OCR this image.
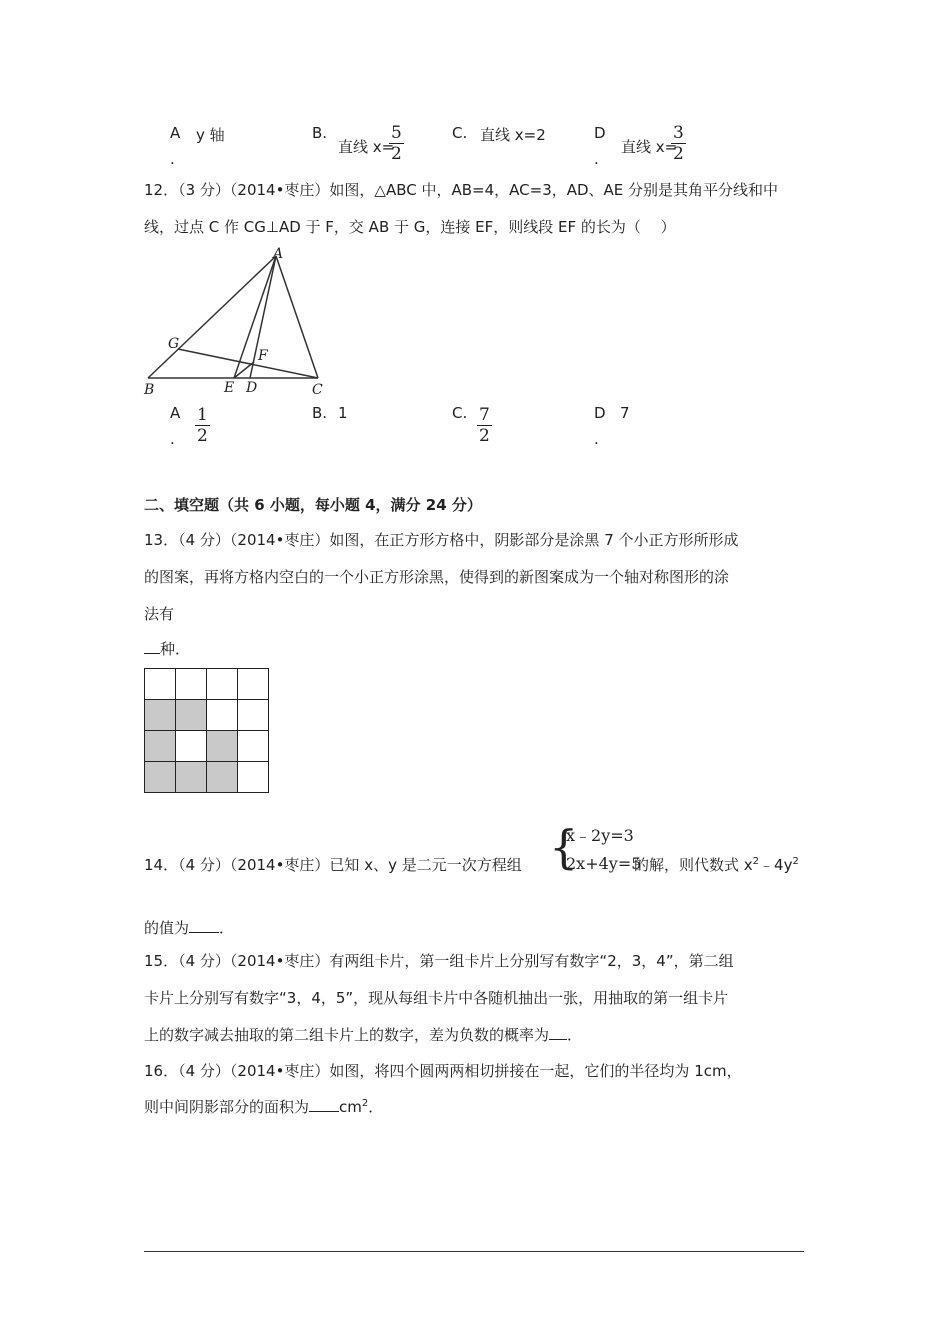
A
.
y 轴	B.
直线 x=
5
2
C. 直线 x=2	D
.
直线 x=
3
2
12．（3 分）（2014•枣庄）如图，△ABC 中，AB=4，AC=3，AD、AE 分别是其角平分线和中
线，过点 C 作 CG⊥AD 于 F，交 AB 于 G，连接 EF，则线段 EF 的长为（　 ）
A
B	C
D
E
F
G
A
.
1
2
B. 1	C. 7
2
D
.
7
二、填空题（共 6 小题，每小题 4，满分 24 分）
13．（4 分）（2014•枣庄）如图，在正方形方格中，阴影部分是涂黑 7 个小正方形所形成
的图案，再将方格内空白的一个小正方形涂黑，使得到的新图案成为一个轴对称图形的涂
法有
种．

14．（4 分）（2014•枣庄）已知 x、y 是二元一次方程组 {
x﹣2y=3
2x+4y=5
的解，则代数式 $x^2﹣4y^2$
的值为 ．
15．（4 分）（2014•枣庄）有两组卡片，第一组卡片上分别写有数字“2，3，4”，第二组
卡片上分别写有数字“3，4，5”，现从每组卡片中各随机抽出一张，用抽取的第一组卡片
上的数字减去抽取的第二组卡片上的数字，差为负数的概率为 ．
16．（4 分）（2014•枣庄）如图，将四个圆两两相切拼接在一起，它们的半径均为 1cm，
则中间阴影部分的面积为 $cm^2$．
